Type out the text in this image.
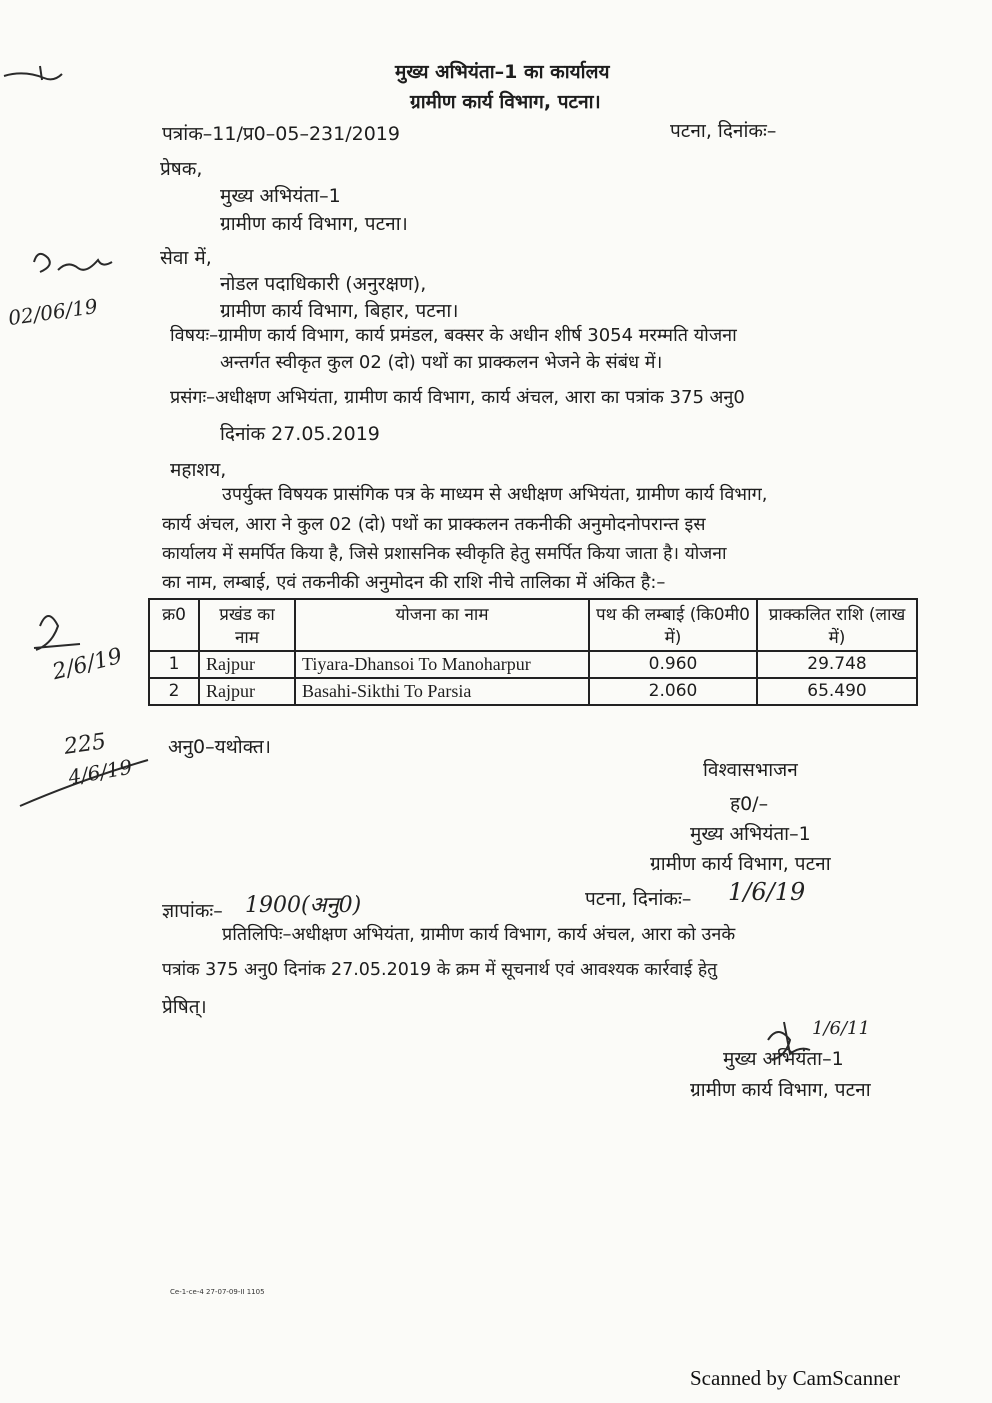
मुख्य अभियंता–1 का कार्यालय
ग्रामीण कार्य विभाग, पटना।
पत्रांक–11/प्र0–05–231/2019	पटना, दिनांकः–
प्रेषक,
मुख्य अभियंता–1
ग्रामीण कार्य विभाग, पटना।
सेवा में,
नोडल पदाधिकारी (अनुरक्षण),
ग्रामीण कार्य विभाग, बिहार, पटना।
विषयः–ग्रामीण कार्य विभाग, कार्य प्रमंडल, बक्सर के अधीन शीर्ष 3054 मरम्मति योजना
अन्तर्गत स्वीकृत कुल 02 (दो) पथों का प्राक्कलन भेजने के संबंध में।
प्रसंगः–अधीक्षण अभियंता, ग्रामीण कार्य विभाग, कार्य अंचल, आरा का पत्रांक 375 अनु0
दिनांक 27.05.2019
महाशय,
उपर्युक्त विषयक प्रासंगिक पत्र के माध्यम से अधीक्षण अभियंता, ग्रामीण कार्य विभाग,
कार्य अंचल, आरा ने कुल 02 (दो) पथों का प्राक्कलन तकनीकी अनुमोदनोपरान्त इस
कार्यालय में समर्पित किया है, जिसे प्रशासनिक स्वीकृति हेतु समर्पित किया जाता है। योजना
का नाम, लम्बाई, एवं तकनीकी अनुमोदन की राशि नीचे तालिका में अंकित है:–
क्र0	प्रखंड का नाम	योजना का नाम	पथ की लम्बाई (कि0मी0 में)	प्राक्कलित राशि (लाख में)
1	Rajpur	Tiyara-Dhansoi To Manoharpur	0.960	29.748
2	Rajpur	Basahi-Sikthi To Parsia	2.060	65.490
अनु0–यथोक्त।
विश्वासभाजन
ह0/–
मुख्य अभियंता–1
ग्रामीण कार्य विभाग, पटना
ज्ञापांकः– 1900(अनु0)	पटना, दिनांकः– 1/6/19
प्रतिलिपिः–अधीक्षण अभियंता, ग्रामीण कार्य विभाग, कार्य अंचल, आरा को उनके
पत्रांक 375 अनु0 दिनांक 27.05.2019 के क्रम में सूचनार्थ एवं आवश्यक कार्रवाई हेतु
प्रेषित्।
मुख्य अभियंता–1
ग्रामीण कार्य विभाग, पटना
1/6/11
02/06/19
2/6/19
225
4/6/19
Ce-1-ce-4 27-07-09-II 1105
Scanned by CamScanner
